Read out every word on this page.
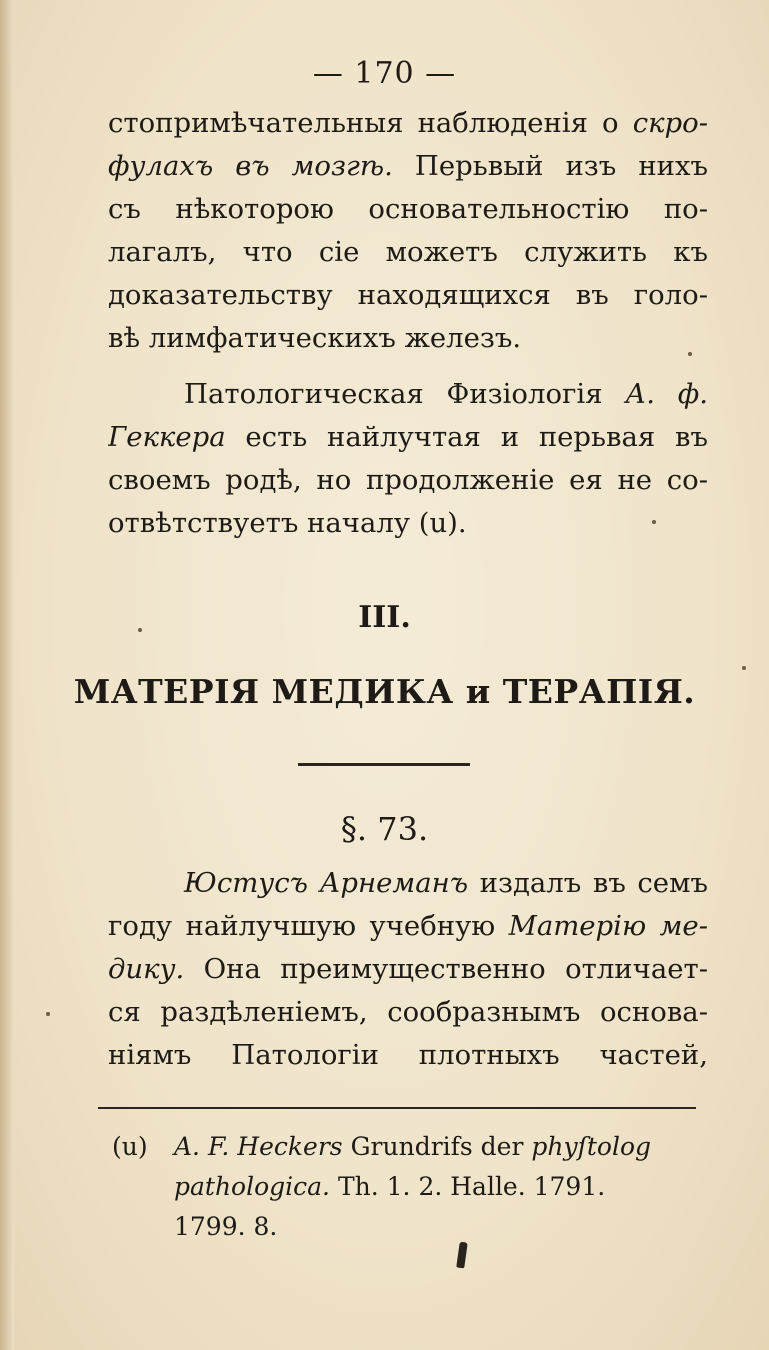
— 170 —
стопримѣчательныя наблюденія о скро-
фулахъ въ мозгѣ. Перьвый изъ нихъ
съ нѣкоторою основательностію по-
лагалъ, что сіе можетъ служить къ
доказательству находящихся въ голо-
вѣ лимфатическихъ железъ.
Патологическая Физіологія А. ф.
Геккера есть найлучтая и перьвая въ
своемъ родѣ, но продолженіе ея не со-
отвѣтствуетъ началу (u).
III.
МАТЕРІЯ МЕДИКА и ТЕРАПІЯ.
§. 73.
Юстусъ Арнеманъ издалъ въ семъ
году найлучшую учебную Матерію ме-
дику. Она преимущественно отличает-
ся раздѣленіемъ, сообразнымъ основа-
ніямъ Патологіи плотныхъ частей,
(u) A. F. Heckers Grundrifs der phyſtolog
pathologica. Th. 1. 2. Halle. 1791.
1799. 8.
